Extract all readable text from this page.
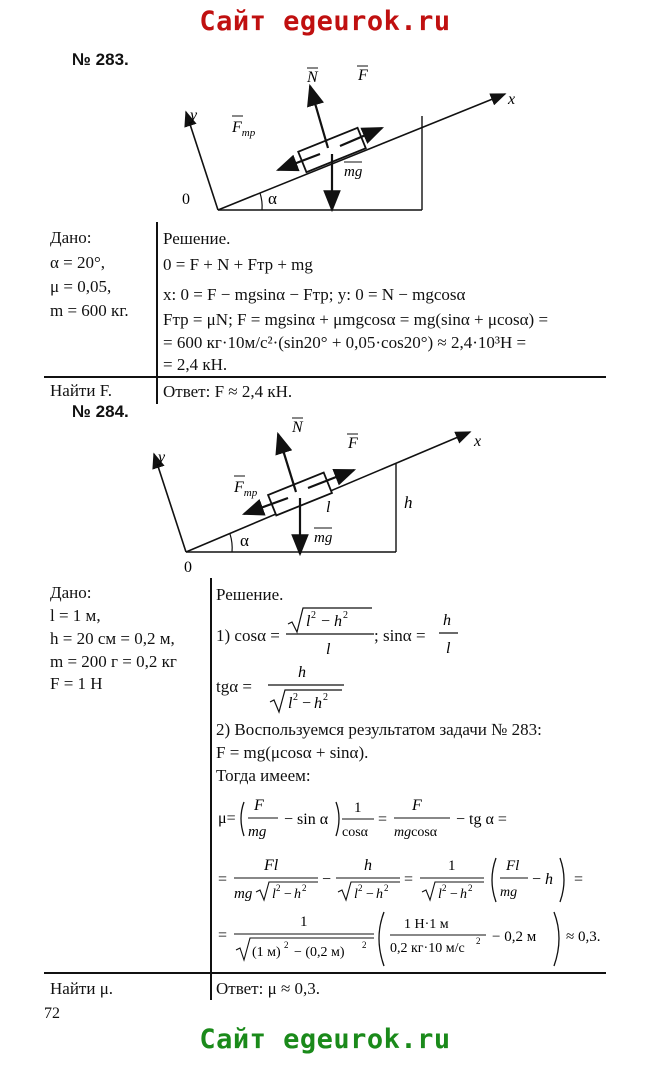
Сайт egeurok.ru
№ 283.
N	F
$F_{тр}$
mg
x
y
0	α
Дано:
α = 20°,
μ = 0,05,
m = 600 кг.
Найти F.
Решение.
0 = F + N + Fтр + mg
x: 0 = F − mgsinα − Fтр; y: 0 = N − mgcosα
Fтр = μN; F = mgsinα + μmgcosα = mg(sinα + μcosα) =
= 600 кг·10м/с²·(sin20° + 0,05·cos20°) ≈ 2,4·10³Н =
= 2,4 кН.
Ответ: F ≈ 2,4 кН.
№ 284.
N
F
$F_{тр}$
l
mg
h
x
y
0
α
Дано:
l = 1 м,
h = 20 см = 0,2 м,
m = 200 г = 0,2 кг
F = 1 Н
Найти μ.
Решение.
1) cosα =
l 2 − h 2
l
; sinα =
h
l
tgα =
h
l 2 − h 2
2) Воспользуемся результатом задачи № 283:
F = mg(μcosα + sinα).
Тогда имеем:
μ=
F
mg
− sin α
1
cosα
=
F
mgcosα
− tg α =
=
Fl
mg l 2 − h 2 −
h
l 2 − h 2 =
1
l 2 − h 2
Fl
mg
− h =
=
1
(1 м) 2 − (0,2 м) 2
1 Н·1 м
0,2 кг·10 м/с 2 − 0,2 м ≈ 0,3.
Ответ: μ ≈ 0,3.
72
Сайт egeurok.ru
